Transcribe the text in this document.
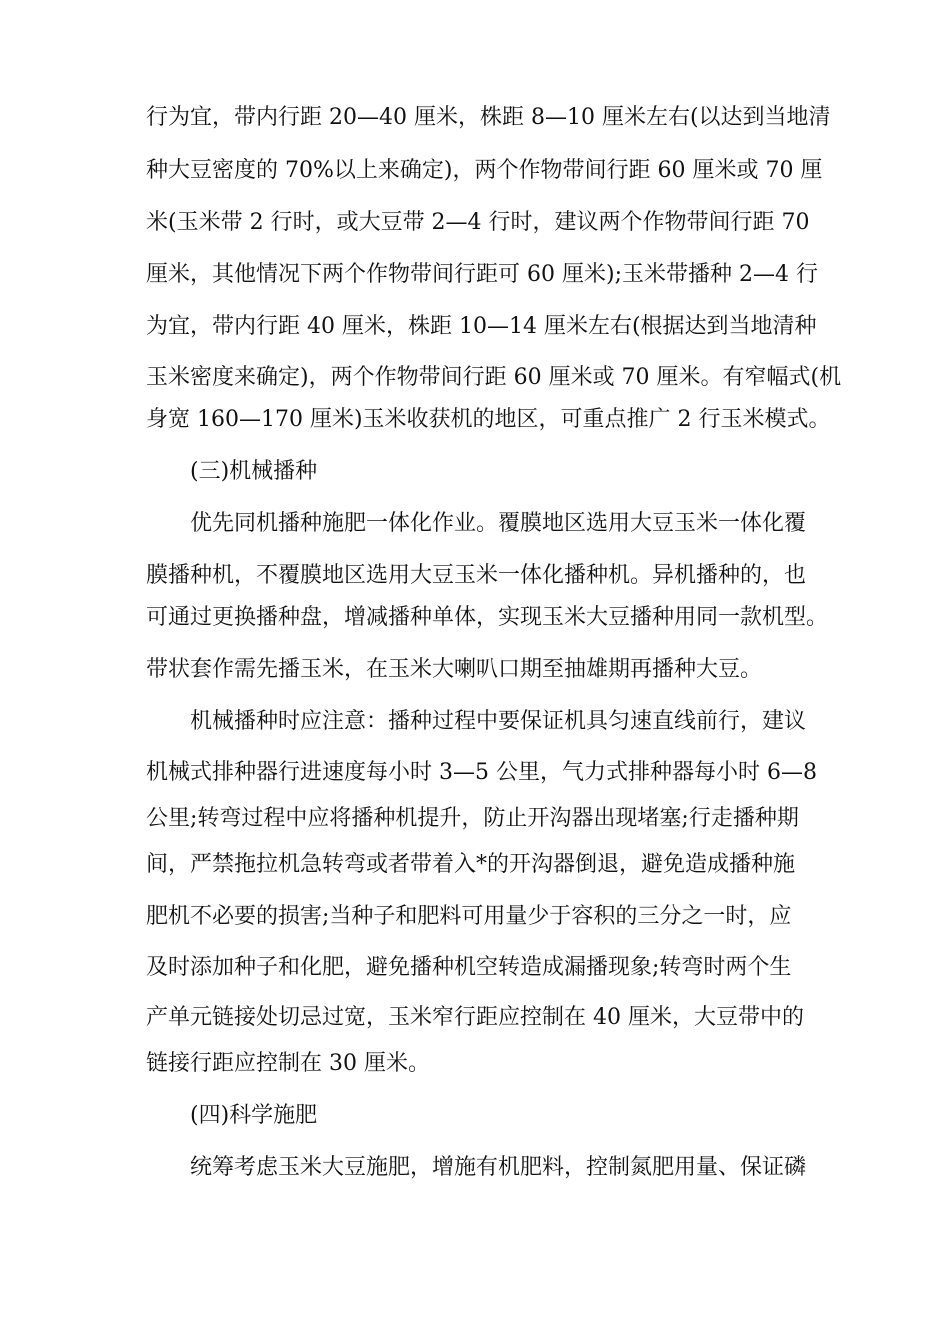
行为宜，带内行距 20—40 厘米，株距 8—10 厘米左右(以达到当地清

种大豆密度的 70%以上来确定)，两个作物带间行距 60 厘米或 70 厘

米(玉米带 2 行时，或大豆带 2—4 行时，建议两个作物带间行距 70

厘米，其他情况下两个作物带间行距可 60 厘米);玉米带播种 2—4 行

为宜，带内行距 40 厘米，株距 10—14 厘米左右(根据达到当地清种

玉米密度来确定)，两个作物带间行距 60 厘米或 70 厘米。有窄幅式(机

身宽 160—170 厘米)玉米收获机的地区，可重点推广 2 行玉米模式。

(三)机械播种

优先同机播种施肥一体化作业。覆膜地区选用大豆玉米一体化覆

膜播种机，不覆膜地区选用大豆玉米一体化播种机。异机播种的，也

可通过更换播种盘，增减播种单体，实现玉米大豆播种用同一款机型。

带状套作需先播玉米，在玉米大喇叭口期至抽雄期再播种大豆。

机械播种时应注意：播种过程中要保证机具匀速直线前行，建议

机械式排种器行进速度每小时 3—5 公里，气力式排种器每小时 6—8

公里;转弯过程中应将播种机提升，防止开沟器出现堵塞;行走播种期

间，严禁拖拉机急转弯或者带着入*的开沟器倒退，避免造成播种施

肥机不必要的损害;当种子和肥料可用量少于容积的三分之一时，应

及时添加种子和化肥，避免播种机空转造成漏播现象;转弯时两个生

产单元链接处切忌过宽，玉米窄行距应控制在 40 厘米，大豆带中的

链接行距应控制在 30 厘米。

(四)科学施肥

统筹考虑玉米大豆施肥，增施有机肥料，控制氮肥用量、保证磷
